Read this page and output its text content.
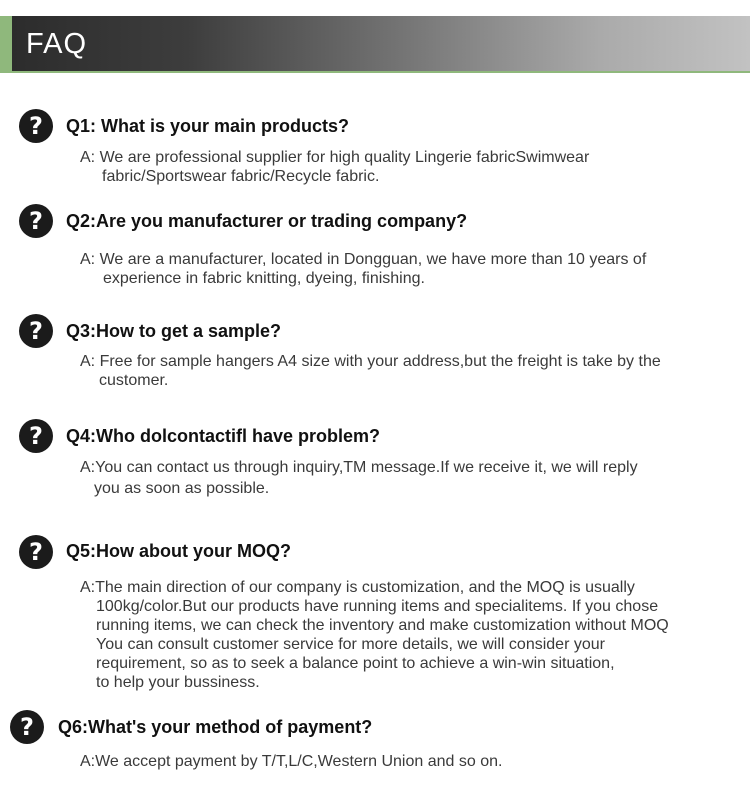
FAQ
?	Q1: What is your main products?
A: We are professional supplier for high quality Lingerie fabricSwimwear
fabric/Sportswear fabric/Recycle fabric.
?	Q2:Are you manufacturer or trading company?
A: We are a manufacturer, located in Dongguan, we have more than 10 years of
experience in fabric knitting, dyeing, finishing.
?	Q3:How to get a sample?
A: Free for sample hangers A4 size with your address,but the freight is take by the
customer.
?	Q4:Who dolcontactifl have problem?
A:You can contact us through inquiry,TM message.If we receive it, we will reply
you as soon as possible.
?	Q5:How about your MOQ?
A:The main direction of our company is customization, and the MOQ is usually
100kg/color.But our products have running items and specialitems. If you chose
running items, we can check the inventory and make customization without MOQ
You can consult customer service for more details, we will consider your
requirement, so as to seek a balance point to achieve a win-win situation,
to help your bussiness.
?	Q6:What's your method of payment?
A:We accept payment by T/T,L/C,Western Union and so on.
